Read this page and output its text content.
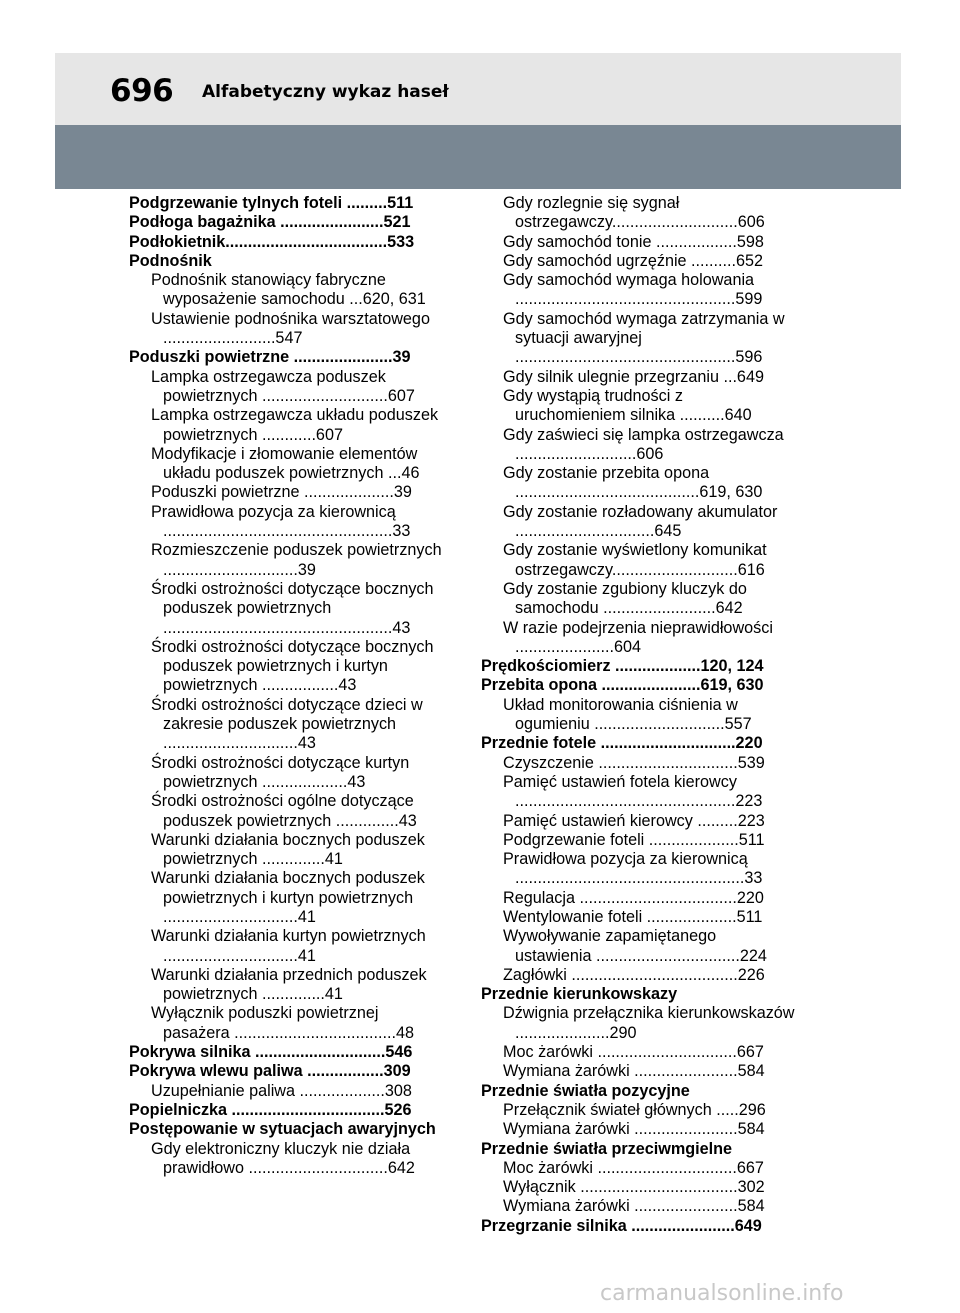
696 Alfabetyczny wykaz haseł
Podgrzewanie tylnych foteli .........511
Podłoga bagażnika .......................521
Podłokietnik....................................533
Podnośnik
Podnośnik stanowiący fabryczne wyposażenie samochodu ...620, 631
Ustawienie podnośnika warsztatowego .........................547
Poduszki powietrzne ......................39
Lampka ostrzegawcza poduszek powietrznych ............................607
Lampka ostrzegawcza układu poduszek powietrznych ............607
Modyfikacje i złomowanie elementów układu poduszek powietrznych ...46
Poduszki powietrzne ....................39
Prawidłowa pozycja za kierownicą ...................................................33
Rozmieszczenie poduszek powietrznych ..............................39
Środki ostrożności dotyczące bocznych poduszek powietrznych ...................................................43
Środki ostrożności dotyczące bocznych poduszek powietrznych i kurtyn powietrznych .................43
Środki ostrożności dotyczące dzieci w zakresie poduszek powietrznych ..............................43
Środki ostrożności dotyczące kurtyn powietrznych ...................43
Środki ostrożności ogólne dotyczące poduszek powietrznych ..............43
Warunki działania bocznych poduszek powietrznych ..............41
Warunki działania bocznych poduszek powietrznych i kurtyn powietrznych ..............................41
Warunki działania kurtyn powietrznych ..............................41
Warunki działania przednich poduszek powietrznych ..............41
Wyłącznik poduszki powietrznej pasażera ....................................48
Pokrywa silnika .............................546
Pokrywa wlewu paliwa .................309
Uzupełnianie paliwa ...................308
Popielniczka ..................................526
Postępowanie w sytuacjach awaryjnych
Gdy elektroniczny kluczyk nie działa prawidłowo ...............................642
Gdy rozlegnie się sygnał ostrzegawczy............................606
Gdy samochód tonie ..................598
Gdy samochód ugrzęźnie ..........652
Gdy samochód wymaga holowania .................................................599
Gdy samochód wymaga zatrzymania w sytuacji awaryjnej .................................................596
Gdy silnik ulegnie przegrzaniu ...649
Gdy wystąpią trudności z uruchomieniem silnika ..........640
Gdy zaświeci się lampka ostrzegawcza ...........................606
Gdy zostanie przebita opona .........................................619, 630
Gdy zostanie rozładowany akumulator ...............................645
Gdy zostanie wyświetlony komunikat ostrzegawczy............................616
Gdy zostanie zgubiony kluczyk do samochodu .........................642
W razie podejrzenia nieprawidłowości ......................604
Prędkościomierz ...................120, 124
Przebita opona ......................619, 630
Układ monitorowania ciśnienia w ogumieniu .............................557
Przednie fotele ..............................220
Czyszczenie ...............................539
Pamięć ustawień fotela kierowcy .................................................223
Pamięć ustawień kierowcy .........223
Podgrzewanie foteli ....................511
Prawidłowa pozycja za kierownicą ...................................................33
Regulacja ...................................220
Wentylowanie foteli ....................511
Wywoływanie zapamiętanego ustawienia ................................224
Zagłówki .....................................226
Przednie kierunkowskazy
Dźwignia przełącznika kierunkowskazów .....................290
Moc żarówki ...............................667
Wymiana żarówki .......................584
Przednie światła pozycyjne
Przełącznik świateł głównych .....296
Wymiana żarówki .......................584
Przednie światła przeciwmgielne
Moc żarówki ...............................667
Wyłącznik ...................................302
Wymiana żarówki .......................584
Przegrzanie silnika .......................649
carmanualsonline.info
